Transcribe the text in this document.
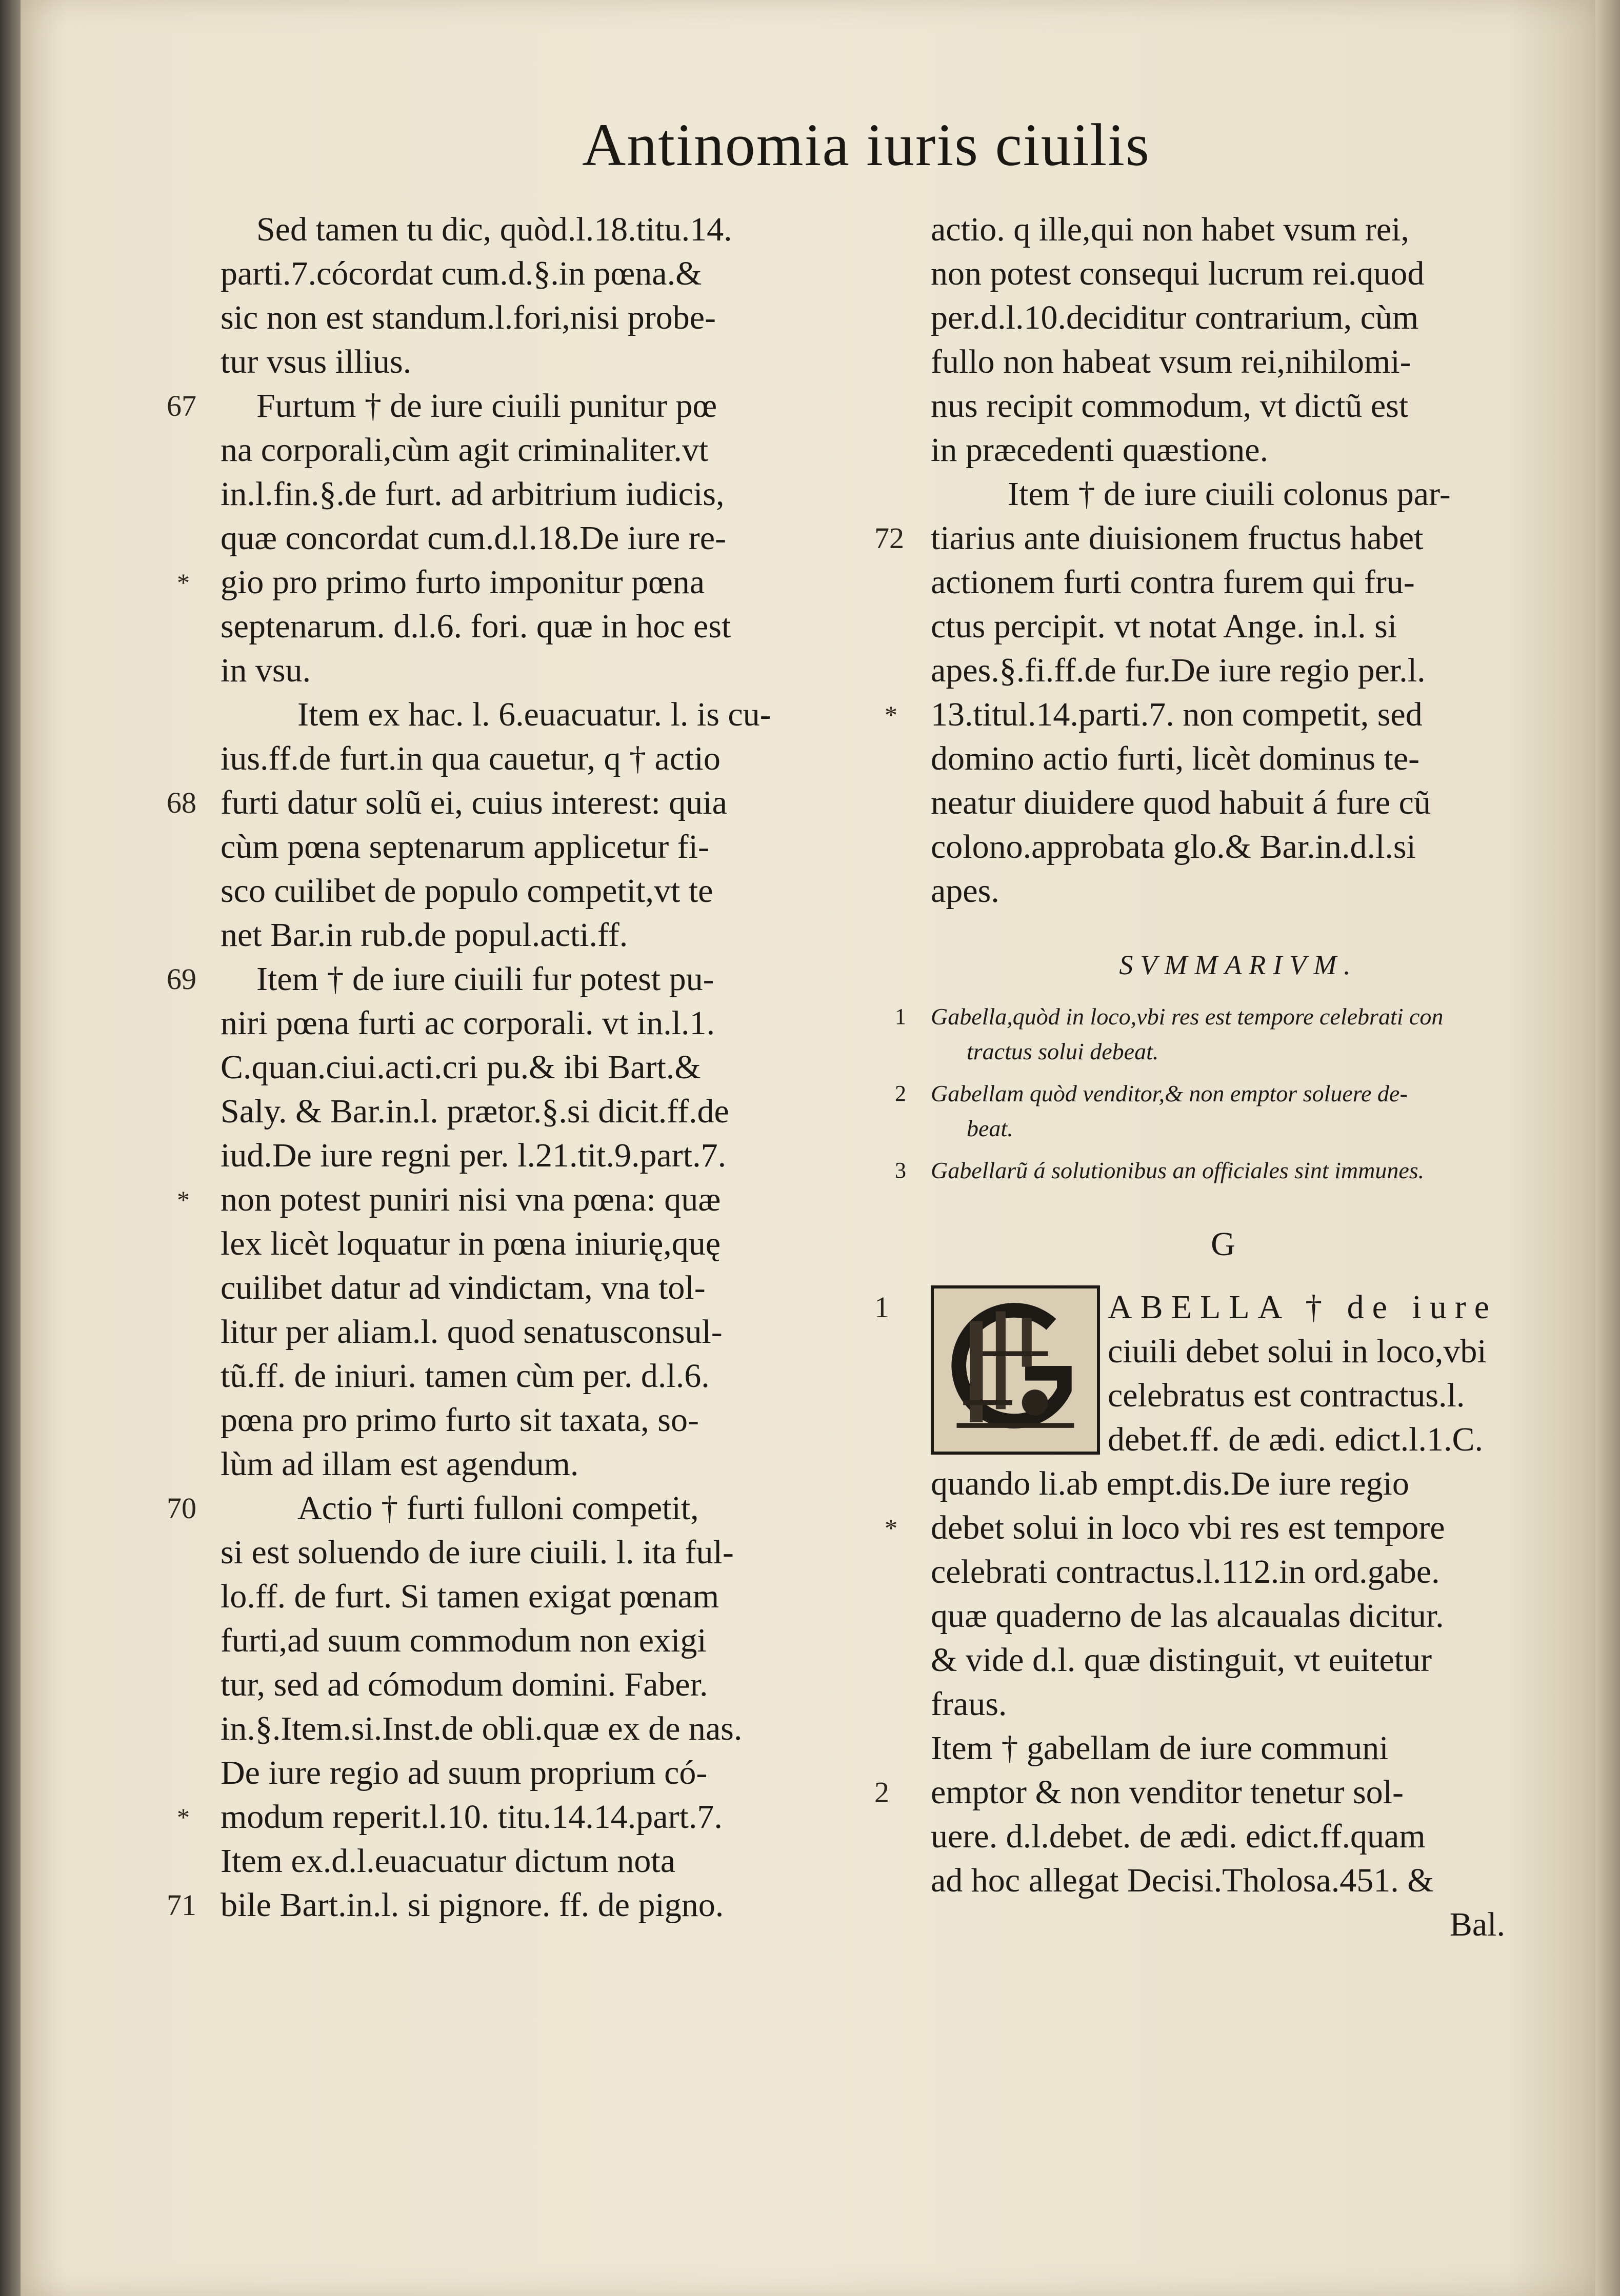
Antinomia iuris ciuilis
Sed tamen tu dic, quòd.l.18.titu.14.
parti.7.cócordat cum.d.§.in pœna.&
sic non est standum.l.fori,nisi probe-
tur vsus illius.
67	Furtum † de iure ciuili punitur pœ
na corporali,cùm agit criminaliter.vt
in.l.fin.§.de furt. ad arbitrium iudicis,
quæ concordat cum.d.l.18.De iure re-
* gio pro primo furto imponitur pœna
septenarum. d.l.6. fori. quæ in hoc est
in vsu.
Item ex hac. l. 6.euacuatur. l. is cu-
ius.ff.de furt.in qua cauetur, q † actio
68 furti datur solũ ei, cuius interest: quia
cùm pœna septenarum applicetur fi-
sco cuilibet de populo competit,vt te
net Bar.in rub.de popul.acti.ff.
69	Item † de iure ciuili fur potest pu-
niri pœna furti ac corporali. vt in.l.1.
C.quan.ciui.acti.cri pu.& ibi Bart.&
Saly. & Bar.in.l. prætor.§.si dicit.ff.de
iud.De iure regni per. l.21.tit.9.part.7.
* non potest puniri nisi vna pœna: quæ
lex licèt loquatur in pœna iniurię,quę
cuilibet datur ad vindictam, vna tol-
litur per aliam.l. quod senatusconsul-
tũ.ff. de iniuri. tamen cùm per. d.l.6.
pœna pro primo furto sit taxata, so-
lùm ad illam est agendum.
70	Actio † furti fulloni competit,
si est soluendo de iure ciuili. l. ita ful-
lo.ff. de furt. Si tamen exigat pœnam
furti,ad suum commodum non exigi
tur, sed ad cómodum domini. Faber.
in.§.Item.si.Inst.de obli.quæ ex de nas.
De iure regio ad suum proprium có-
* modum reperit.l.10. titu.14.14.part.7.
Item ex.d.l.euacuatur dictum nota
71 bile Bart.in.l. si pignore. ff. de pigno.
actio. q ille,qui non habet vsum rei,
non potest consequi lucrum rei.quod
per.d.l.10.deciditur contrarium, cùm
fullo non habeat vsum rei,nihilomi-
nus recipit commodum, vt dictũ est
in præcedenti quæstione.
Item † de iure ciuili colonus par-
72 tiarius ante diuisionem fructus habet
actionem furti contra furem qui fru-
ctus percipit. vt notat Ange. in.l. si
apes.§.fi.ff.de fur.De iure regio per.l.
* 13.titul.14.parti.7. non competit, sed
domino actio furti, licèt dominus te-
neatur diuidere quod habuit á fure cũ
colono.approbata glo.& Bar.in.d.l.si
apes.
SVMMARIVM.
1 Gabella,quòd in loco,vbi res est tempore celebrati con
tractus solui debeat.
2 Gabellam quòd venditor,& non emptor soluere de-
beat.
3 Gabellarũ á solutionibus an officiales sint immunes.
G
1	ABELLA † de iure
ciuili debet solui in loco,vbi
celebratus est contractus.l.
debet.ff. de ædi. edict.l.1.C.
quando li.ab empt.dis.De iure regio
* debet solui in loco vbi res est tempore
celebrati contractus.l.112.in ord.gabe.
quæ quaderno de las alcaualas dicitur.
& vide d.l. quæ distinguit, vt euitetur
fraus.
Item † gabellam de iure communi
2 emptor & non venditor tenetur sol-
uere. d.l.debet. de ædi. edict.ff.quam
ad hoc allegat Decisi.Tholosa.451. &
Bal.
